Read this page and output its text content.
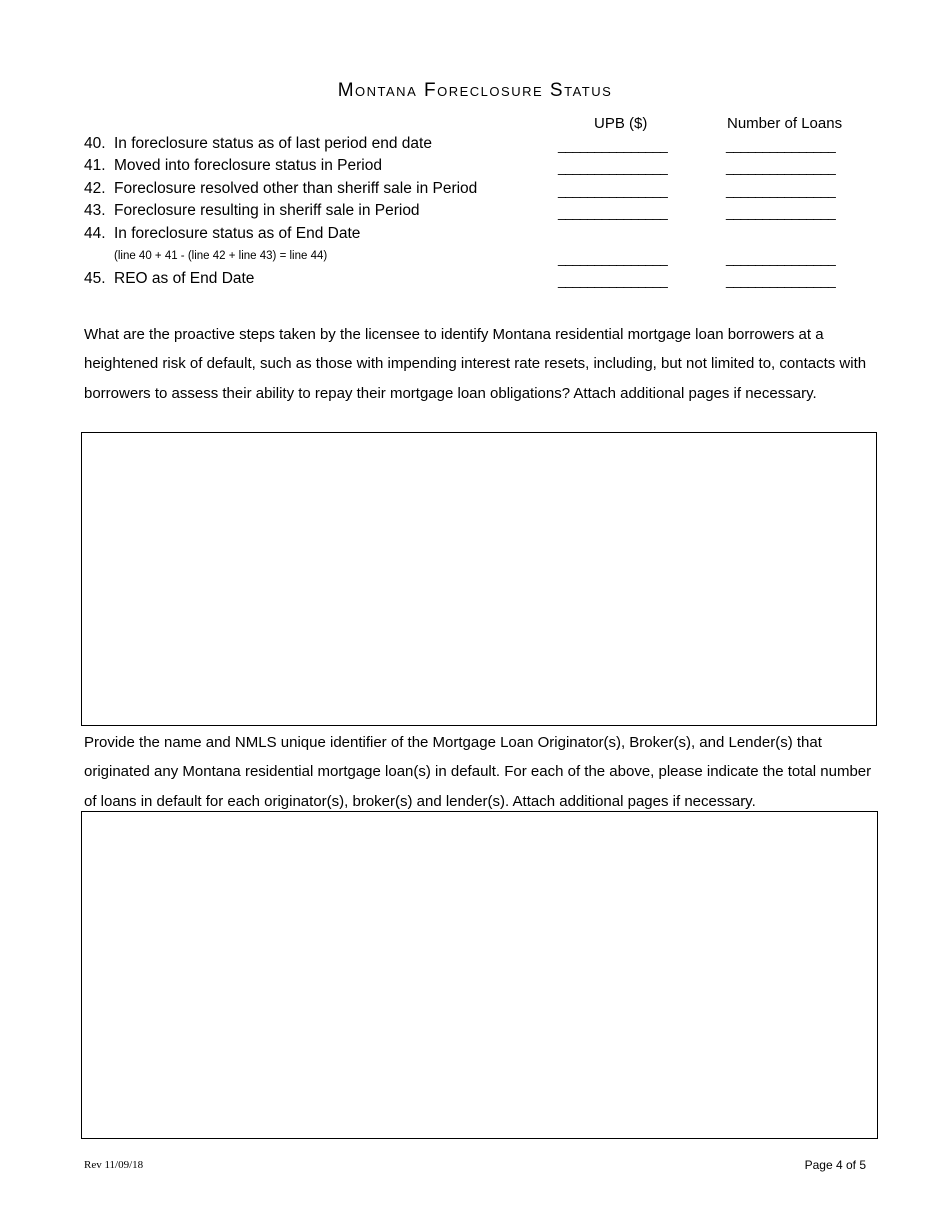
Montana Foreclosure Status
UPB ($)	Number of Loans
40. In foreclosure status as of last period end date	_______________	_______________
41. Moved into foreclosure status in Period	_______________	_______________
42. Foreclosure resolved other than sheriff sale in Period	_______________	_______________
43. Foreclosure resulting in sheriff sale in Period	_______________	_______________
44. In foreclosure status as of End Date
(line 40 + 41 - (line 42 + line 43) = line 44)	_______________	_______________
45. REO as of End Date	_______________	_______________
What are the proactive steps taken by the licensee to identify Montana residential mortgage loan borrowers at a heightened risk of default, such as those with impending interest rate resets, including, but not limited to, contacts with borrowers to assess their ability to repay their mortgage loan obligations? Attach additional pages if necessary.
Provide the name and NMLS unique identifier of the Mortgage Loan Originator(s), Broker(s), and Lender(s) that originated any Montana residential mortgage loan(s) in default. For each of the above, please indicate the total number of loans in default for each originator(s), broker(s) and lender(s). Attach additional pages if necessary.
Rev 11/09/18	Page 4 of 5
